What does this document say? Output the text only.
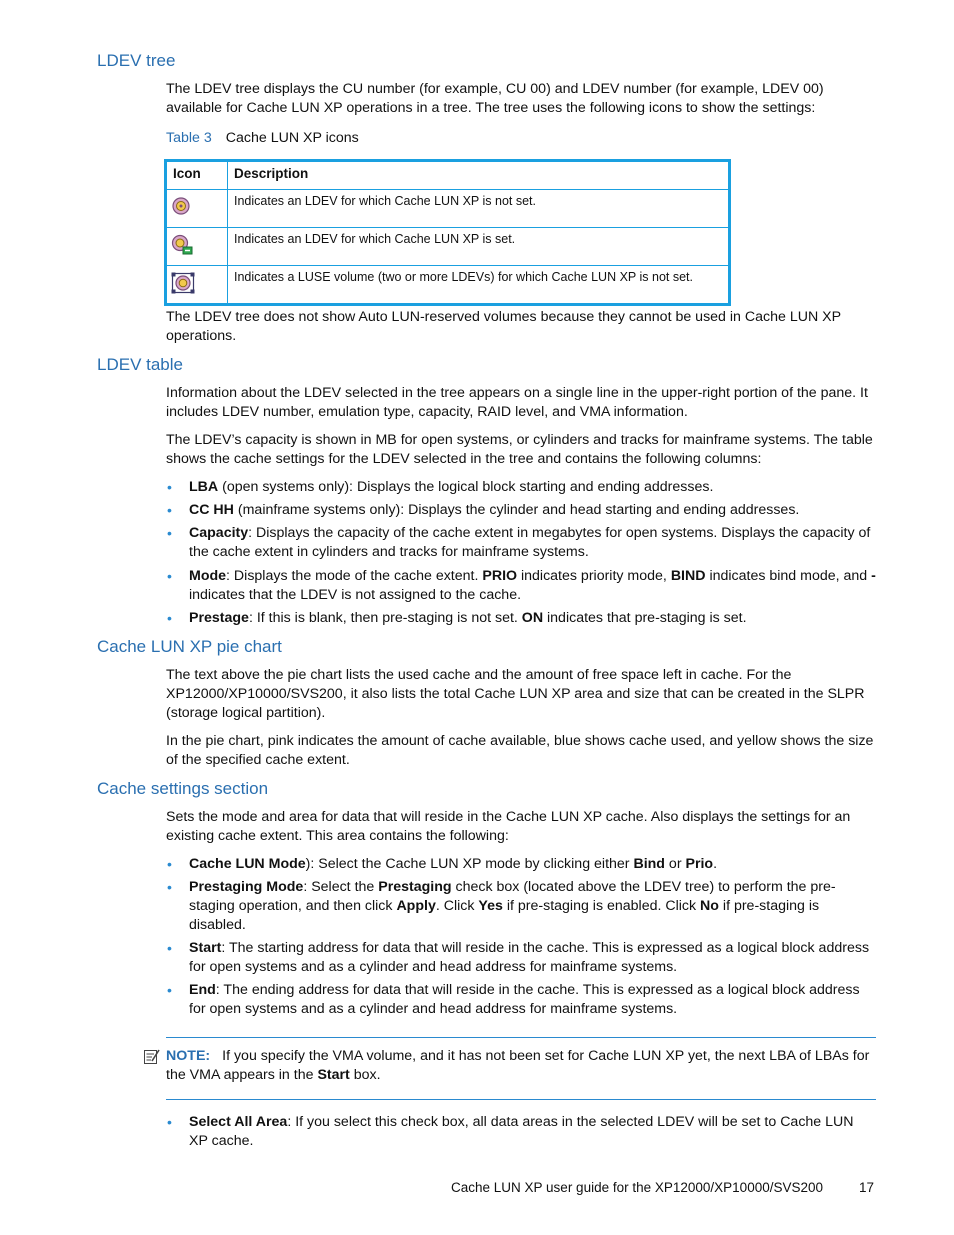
LDEV tree

The LDEV tree displays the CU number (for example, CU 00) and LDEV number (for example, LDEV 00) available for Cache LUN XP operations in a tree. The tree uses the following icons to show the settings:

Table 3 Cache LUN XP icons

Icon	Description
	Indicates an LDEV for which Cache LUN XP is not set.
	Indicates an LDEV for which Cache LUN XP is set.
	Indicates a LUSE volume (two or more LDEVs) for which Cache LUN XP is not set.

The LDEV tree does not show Auto LUN-reserved volumes because they cannot be used in Cache LUN XP operations.

LDEV table

Information about the LDEV selected in the tree appears on a single line in the upper-right portion of the pane. It includes LDEV number, emulation type, capacity, RAID level, and VMA information.

The LDEV’s capacity is shown in MB for open systems, or cylinders and tracks for mainframe systems. The table shows the cache settings for the LDEV selected in the tree and contains the following columns:

• LBA (open systems only): Displays the logical block starting and ending addresses.

• CC HH (mainframe systems only): Displays the cylinder and head starting and ending addresses.

• Capacity: Displays the capacity of the cache extent in megabytes for open systems. Displays the capacity of the cache extent in cylinders and tracks for mainframe systems.

• Mode: Displays the mode of the cache extent. PRIO indicates priority mode, BIND indicates bind mode, and - indicates that the LDEV is not assigned to the cache.

• Prestage: If this is blank, then pre-staging is not set. ON indicates that pre-staging is set.

Cache LUN XP pie chart

The text above the pie chart lists the used cache and the amount of free space left in cache. For the XP12000/XP10000/SVS200, it also lists the total Cache LUN XP area and size that can be created in the SLPR (storage logical partition).

In the pie chart, pink indicates the amount of cache available, blue shows cache used, and yellow shows the size of the specified cache extent.

Cache settings section

Sets the mode and area for data that will reside in the Cache LUN XP cache. Also displays the settings for an existing cache extent. This area contains the following:

• Cache LUN Mode): Select the Cache LUN XP mode by clicking either Bind or Prio.

• Prestaging Mode: Select the Prestaging check box (located above the LDEV tree) to perform the pre-staging operation, and then click Apply. Click Yes if pre-staging is enabled. Click No if pre-staging is disabled.

• Start: The starting address for data that will reside in the cache. This is expressed as a logical block address for open systems and as a cylinder and head address for mainframe systems.

• End: The ending address for data that will reside in the cache. This is expressed as a logical block address for open systems and as a cylinder and head address for mainframe systems.

NOTE: If you specify the VMA volume, and it has not been set for Cache LUN XP yet, the next LBA of LBAs for the VMA appears in the Start box.

• Select All Area: If you select this check box, all data areas in the selected LDEV will be set to Cache LUN XP cache.

Cache LUN XP user guide for the XP12000/XP10000/SVS200	17
